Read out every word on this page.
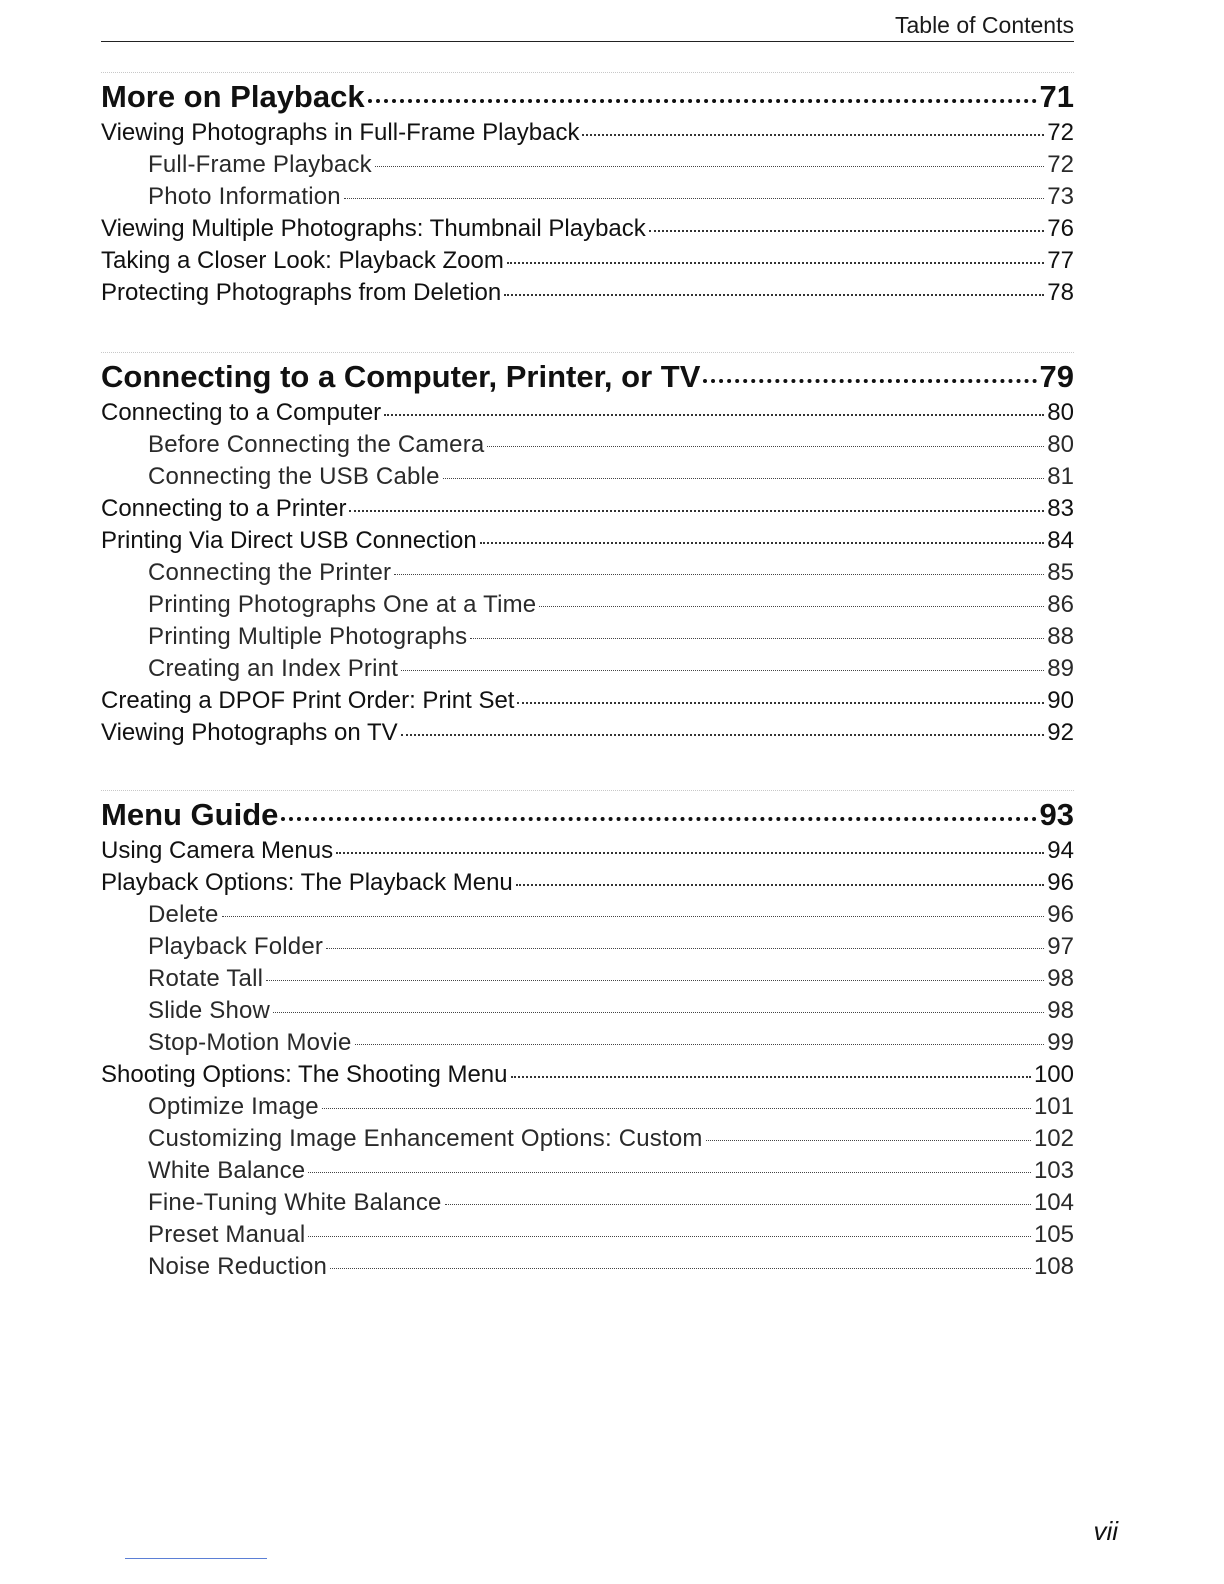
Table of Contents
More on Playback	71
Viewing Photographs in Full-Frame Playback	72
Full-Frame Playback	72
Photo Information	73
Viewing Multiple Photographs: Thumbnail Playback	76
Taking a Closer Look: Playback Zoom	77
Protecting Photographs from Deletion	78
Connecting to a Computer, Printer, or TV	79
Connecting to a Computer	80
Before Connecting the Camera	80
Connecting the USB Cable	81
Connecting to a Printer	83
Printing Via Direct USB Connection	84
Connecting the Printer	85
Printing Photographs One at a Time	86
Printing Multiple Photographs	88
Creating an Index Print	89
Creating a DPOF Print Order: Print Set	90
Viewing Photographs on TV	92
Menu Guide	93
Using Camera Menus	94
Playback Options: The Playback Menu	96
Delete	96
Playback Folder	97
Rotate Tall	98
Slide Show	98
Stop-Motion Movie	99
Shooting Options: The Shooting Menu	100
Optimize Image	101
Customizing Image Enhancement Options: Custom	102
White Balance	103
Fine-Tuning White Balance	104
Preset Manual	105
Noise Reduction	108
vii
